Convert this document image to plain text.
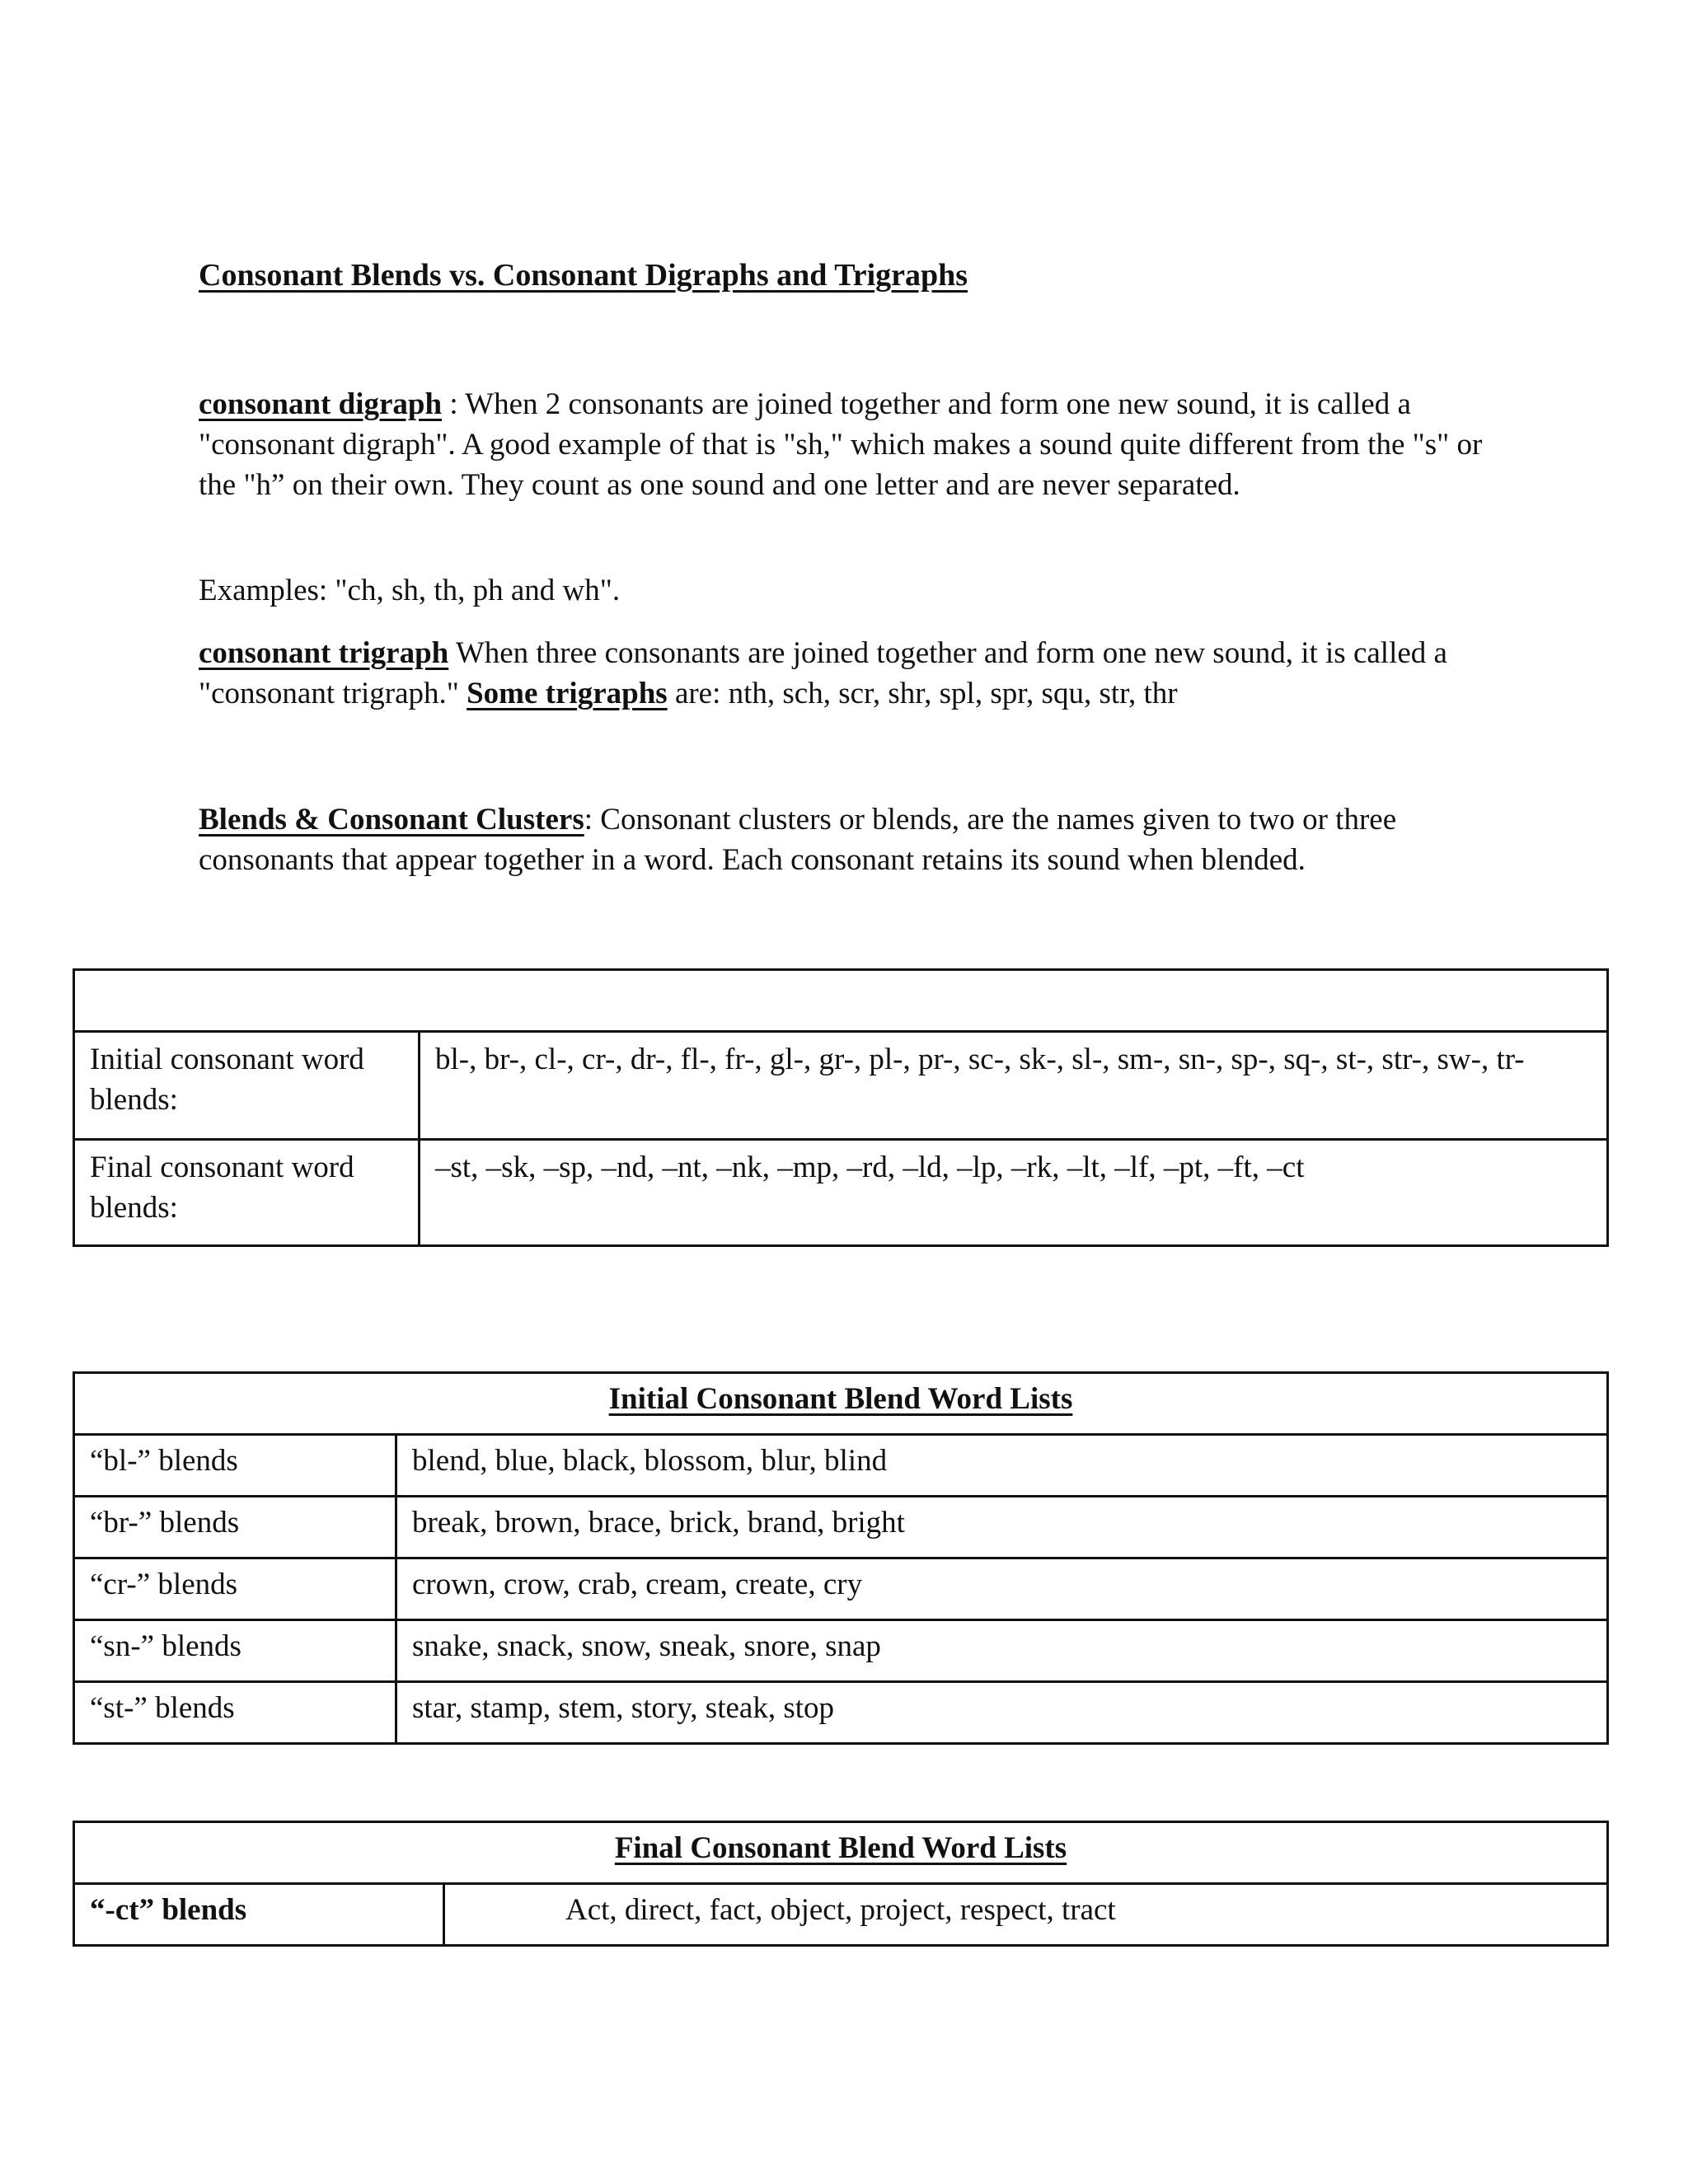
Consonant Blends vs. Consonant Digraphs and Trigraphs

consonant digraph : When 2 consonants are joined together and form one new sound, it is called a "consonant digraph". A good example of that is "sh," which makes a sound quite different from the "s" or the "h” on their own. They count as one sound and one letter and are never separated.

Examples: "ch, sh, th, ph and wh".

consonant trigraph When three consonants are joined together and form one new sound, it is called a "consonant trigraph." Some trigraphs are: nth, sch, scr, shr, spl, spr, squ, str, thr

Blends & Consonant Clusters: Consonant clusters or blends, are the names given to two or three consonants that appear together in a word. Each consonant retains its sound when blended.

Initial consonant word blends:	bl-, br-, cl-, cr-, dr-, fl-, fr-, gl-, gr-, pl-, pr-, sc-, sk-, sl-, sm-, sn-, sp-, sq-, st-, str-, sw-, tr-
Final consonant word blends:	–st, –sk, –sp, –nd, –nt, –nk, –mp, –rd, –ld, –lp, –rk, –lt, –lf, –pt, –ft, –ct
Initial Consonant Blend Word Lists	
“bl-” blends	blend, blue, black, blossom, blur, blind
“br-” blends	break, brown, brace, brick, brand, bright
“cr-” blends	crown, crow, crab, cream, create, cry
“sn-” blends	snake, snack, snow, sneak, snore, snap
“st-” blends	star, stamp, stem, story, steak, stop
Final Consonant Blend Word Lists
“-ct” blends	Act, direct, fact, object, project, respect, tract
